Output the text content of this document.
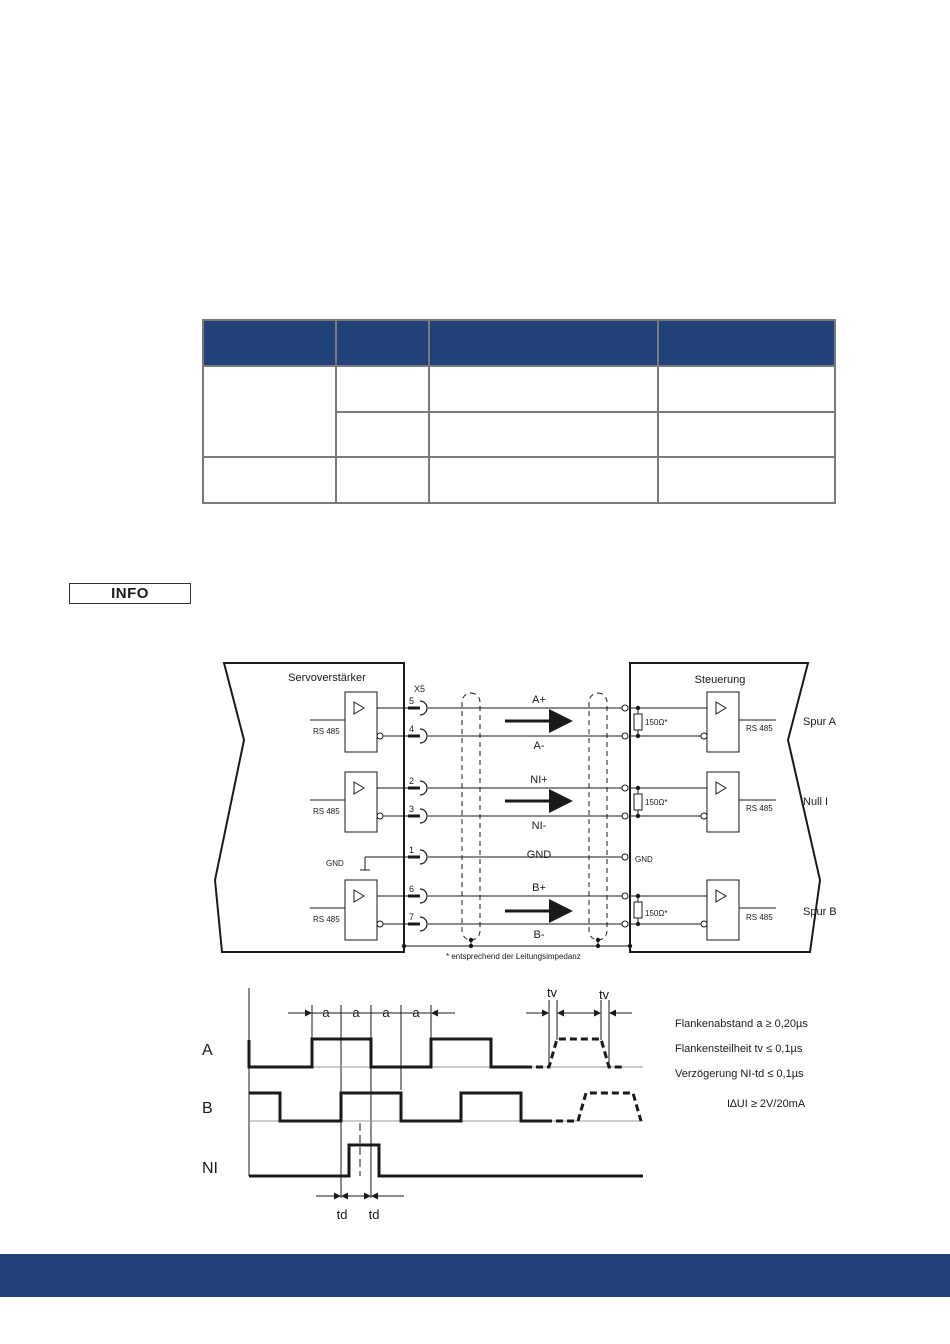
INFO
Servoverstärker	Steuerung
X5
5
4
2
3
1
6
7
A+
A-
NI+
NI-
GND
B+
B-
RS 485
RS 485
RS 485
RS 485
RS 485
RS 485
GND	GND
150Ω*
150Ω*
150Ω*
* entsprechend der Leitungsimpedanz
Spur A
Null I
Spur B
a a a a
tv	tv
td td
A
B
NI
Flankenabstand a ≥ 0,20µs
Flankensteilheit tv ≤ 0,1µs
Verzögerung NI-td ≤ 0,1µs
I∆UI ≥ 2V/20mA
